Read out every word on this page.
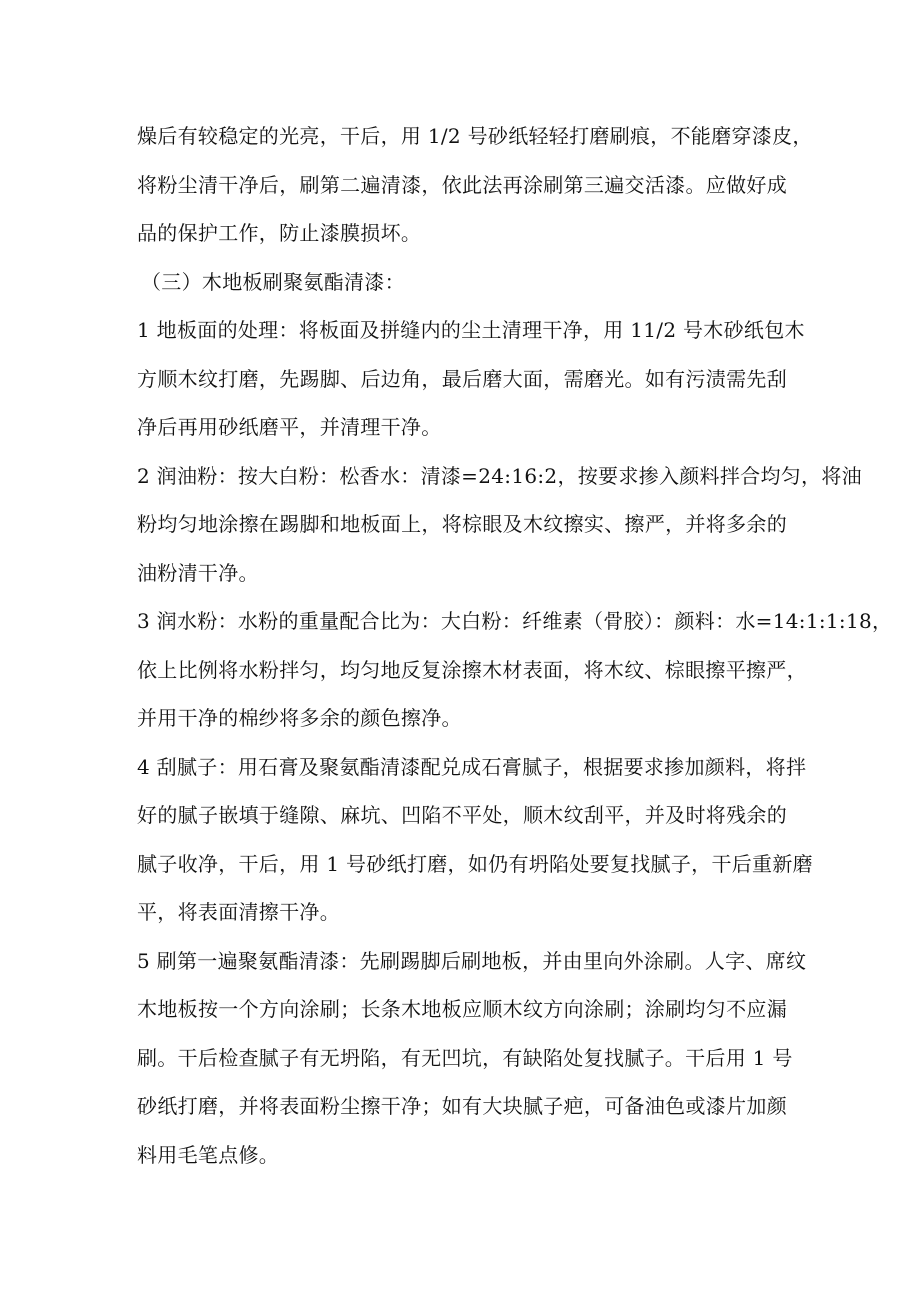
燥后有较稳定的光亮，干后，用 1/2 号砂纸轻轻打磨刷痕，不能磨穿漆皮，
将粉尘清干净后，刷第二遍清漆，依此法再涂刷第三遍交活漆。应做好成
品的保护工作，防止漆膜损坏。
（三）木地板刷聚氨酯清漆：
1 地板面的处理：将板面及拼缝内的尘土清理干净，用 11/2 号木砂纸包木
方顺木纹打磨，先踢脚、后边角，最后磨大面，需磨光。如有污渍需先刮
净后再用砂纸磨平，并清理干净。
2 润油粉：按大白粉：松香水：清漆=24:16:2，按要求掺入颜料拌合均匀，将油
粉均匀地涂擦在踢脚和地板面上，将棕眼及木纹擦实、擦严，并将多余的
油粉清干净。
3 润水粉：水粉的重量配合比为：大白粉：纤维素（骨胶）：颜料：水=14:1:1:18，
依上比例将水粉拌匀，均匀地反复涂擦木材表面，将木纹、棕眼擦平擦严，
并用干净的棉纱将多余的颜色擦净。
4 刮腻子：用石膏及聚氨酯清漆配兑成石膏腻子，根据要求掺加颜料，将拌
好的腻子嵌填于缝隙、麻坑、凹陷不平处，顺木纹刮平，并及时将残余的
腻子收净，干后，用 1 号砂纸打磨，如仍有坍陷处要复找腻子，干后重新磨
平，将表面清擦干净。
5 刷第一遍聚氨酯清漆：先刷踢脚后刷地板，并由里向外涂刷。人字、席纹
木地板按一个方向涂刷；长条木地板应顺木纹方向涂刷；涂刷均匀不应漏
刷。干后检查腻子有无坍陷，有无凹坑，有缺陷处复找腻子。干后用 1 号
砂纸打磨，并将表面粉尘擦干净；如有大块腻子疤，可备油色或漆片加颜
料用毛笔点修。
